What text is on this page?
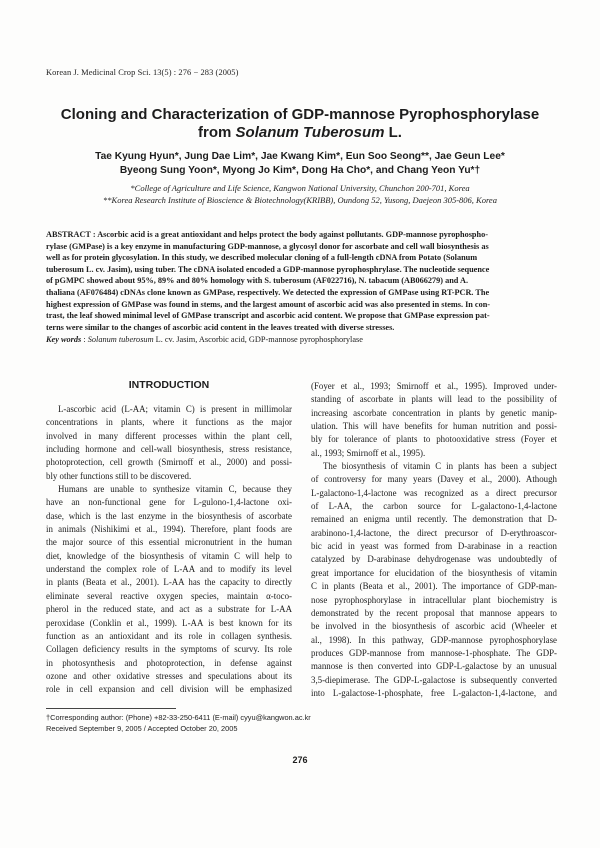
Korean J. Medicinal Crop Sci. 13(5) : 276 − 283 (2005)
Cloning and Characterization of GDP-mannose Pyrophosphorylase
from Solanum Tuberosum L.
Tae Kyung Hyun*, Jung Dae Lim*, Jae Kwang Kim*, Eun Soo Seong**, Jae Geun Lee*
Byeong Sung Yoon*, Myong Jo Kim*, Dong Ha Cho*, and Chang Yeon Yu*†
*College of Agriculture and Life Science, Kangwon National University, Chunchon 200-701, Korea
**Korea Research Institute of Bioscience & Biotechnology(KRIBB), Oundong 52, Yusong, Daejeon 305-806, Korea
ABSTRACT : Ascorbic acid is a great antioxidant and helps protect the body against pollutants. GDP-mannose pyrophospho-
rylase (GMPase) is a key enzyme in manufacturing GDP-mannose, a glycosyl donor for ascorbate and cell wall biosynthesis as
well as for protein glycosylation. In this study, we described molecular cloning of a full-length cDNA from Potato (Solanum
tuberosum L. cv. Jasim), using tuber. The cDNA isolated encoded a GDP-mannose pyrophosphrylase. The nucleotide sequence
of pGMPC showed about 95%, 89% and 80% homology with S. tuberosum (AF022716), N. tabacum (AB066279) and A.
thaliana (AF076484) cDNAs clone known as GMPase, respectively. We detected the expression of GMPase using RT-PCR. The
highest expression of GMPase was found in stems, and the largest amount of ascorbic acid was also presented in stems. In con-
trast, the leaf showed minimal level of GMPase transcript and ascorbic acid content. We propose that GMPase expression pat-
terns were similar to the changes of ascorbic acid content in the leaves treated with diverse stresses.
Key words : Solanum tuberosum L. cv. Jasim, Ascorbic acid, GDP-mannose pyrophosphorylase
INTRODUCTION
L-ascorbic acid (L-AA; vitamin C) is present in millimolar
concentrations in plants, where it functions as the major
involved in many different processes within the plant cell,
including hormone and cell-wall biosynthesis, stress resistance,
photoprotection, cell growth (Smirnoff et al., 2000) and possi-
bly other functions still to be discovered.
Humans are unable to synthesize vitamin C, because they
have an non-functional gene for L-gulono-1,4-lactone oxi-
dase, which is the last enzyme in the biosynthesis of ascorbate
in animals (Nishikimi et al., 1994). Therefore, plant foods are
the major source of this essential micronutrient in the human
diet, knowledge of the biosynthesis of vitamin C will help to
understand the complex role of L-AA and to modify its level
in plants (Beata et al., 2001). L-AA has the capacity to directly
eliminate several reactive oxygen species, maintain α-toco-
pherol in the reduced state, and act as a substrate for L-AA
peroxidase (Conklin et al., 1999). L-AA is best known for its
function as an antioxidant and its role in collagen synthesis.
Collagen deficiency results in the symptoms of scurvy. Its role
in photosynthesis and photoprotection, in defense against
ozone and other oxidative stresses and speculations about its
role in cell expansion and cell division will be emphasized
(Foyer et al., 1993; Smirnoff et al., 1995). Improved under-
standing of ascorbate in plants will lead to the possibility of
increasing ascorbate concentration in plants by genetic manip-
ulation. This will have benefits for human nutrition and possi-
bly for tolerance of plants to photooxidative stress (Foyer et
al., 1993; Smirnoff et al., 1995).
The biosynthesis of vitamin C in plants has been a subject
of controversy for many years (Davey et al., 2000). Athough
L-galactono-1,4-lactone was recognized as a direct precursor
of L-AA, the carbon source for L-galactono-1,4-lactone
remained an enigma until recently. The demonstration that D-
arabinono-1,4-lactone, the direct precursor of D-erythroascor-
bic acid in yeast was formed from D-arabinase in a reaction
catalyzed by D-arabinase dehydrogenase was undoubtedly of
great importance for elucidation of the biosynthesis of vitamin
C in plants (Beata et al., 2001). The importance of GDP-man-
nose pyrophosphorylase in intracellular plant biochemistry is
demonstrated by the recent proposal that mannose appears to
be involved in the biosynthesis of ascorbic acid (Wheeler et
al., 1998). In this pathway, GDP-mannose pyrophosphorylase
produces GDP-mannose from mannose-1-phosphate. The GDP-
mannose is then converted into GDP-L-galactose by an unusual
3,5-diepimerase. The GDP-L-galactose is subsequently converted
into L-galactose-1-phosphate, free L-galacton-1,4-lactone, and
†Corresponding author: (Phone) +82-33-250-6411 (E-mail) cyyu@kangwon.ac.kr
Received September 9, 2005 / Accepted October 20, 2005
276
